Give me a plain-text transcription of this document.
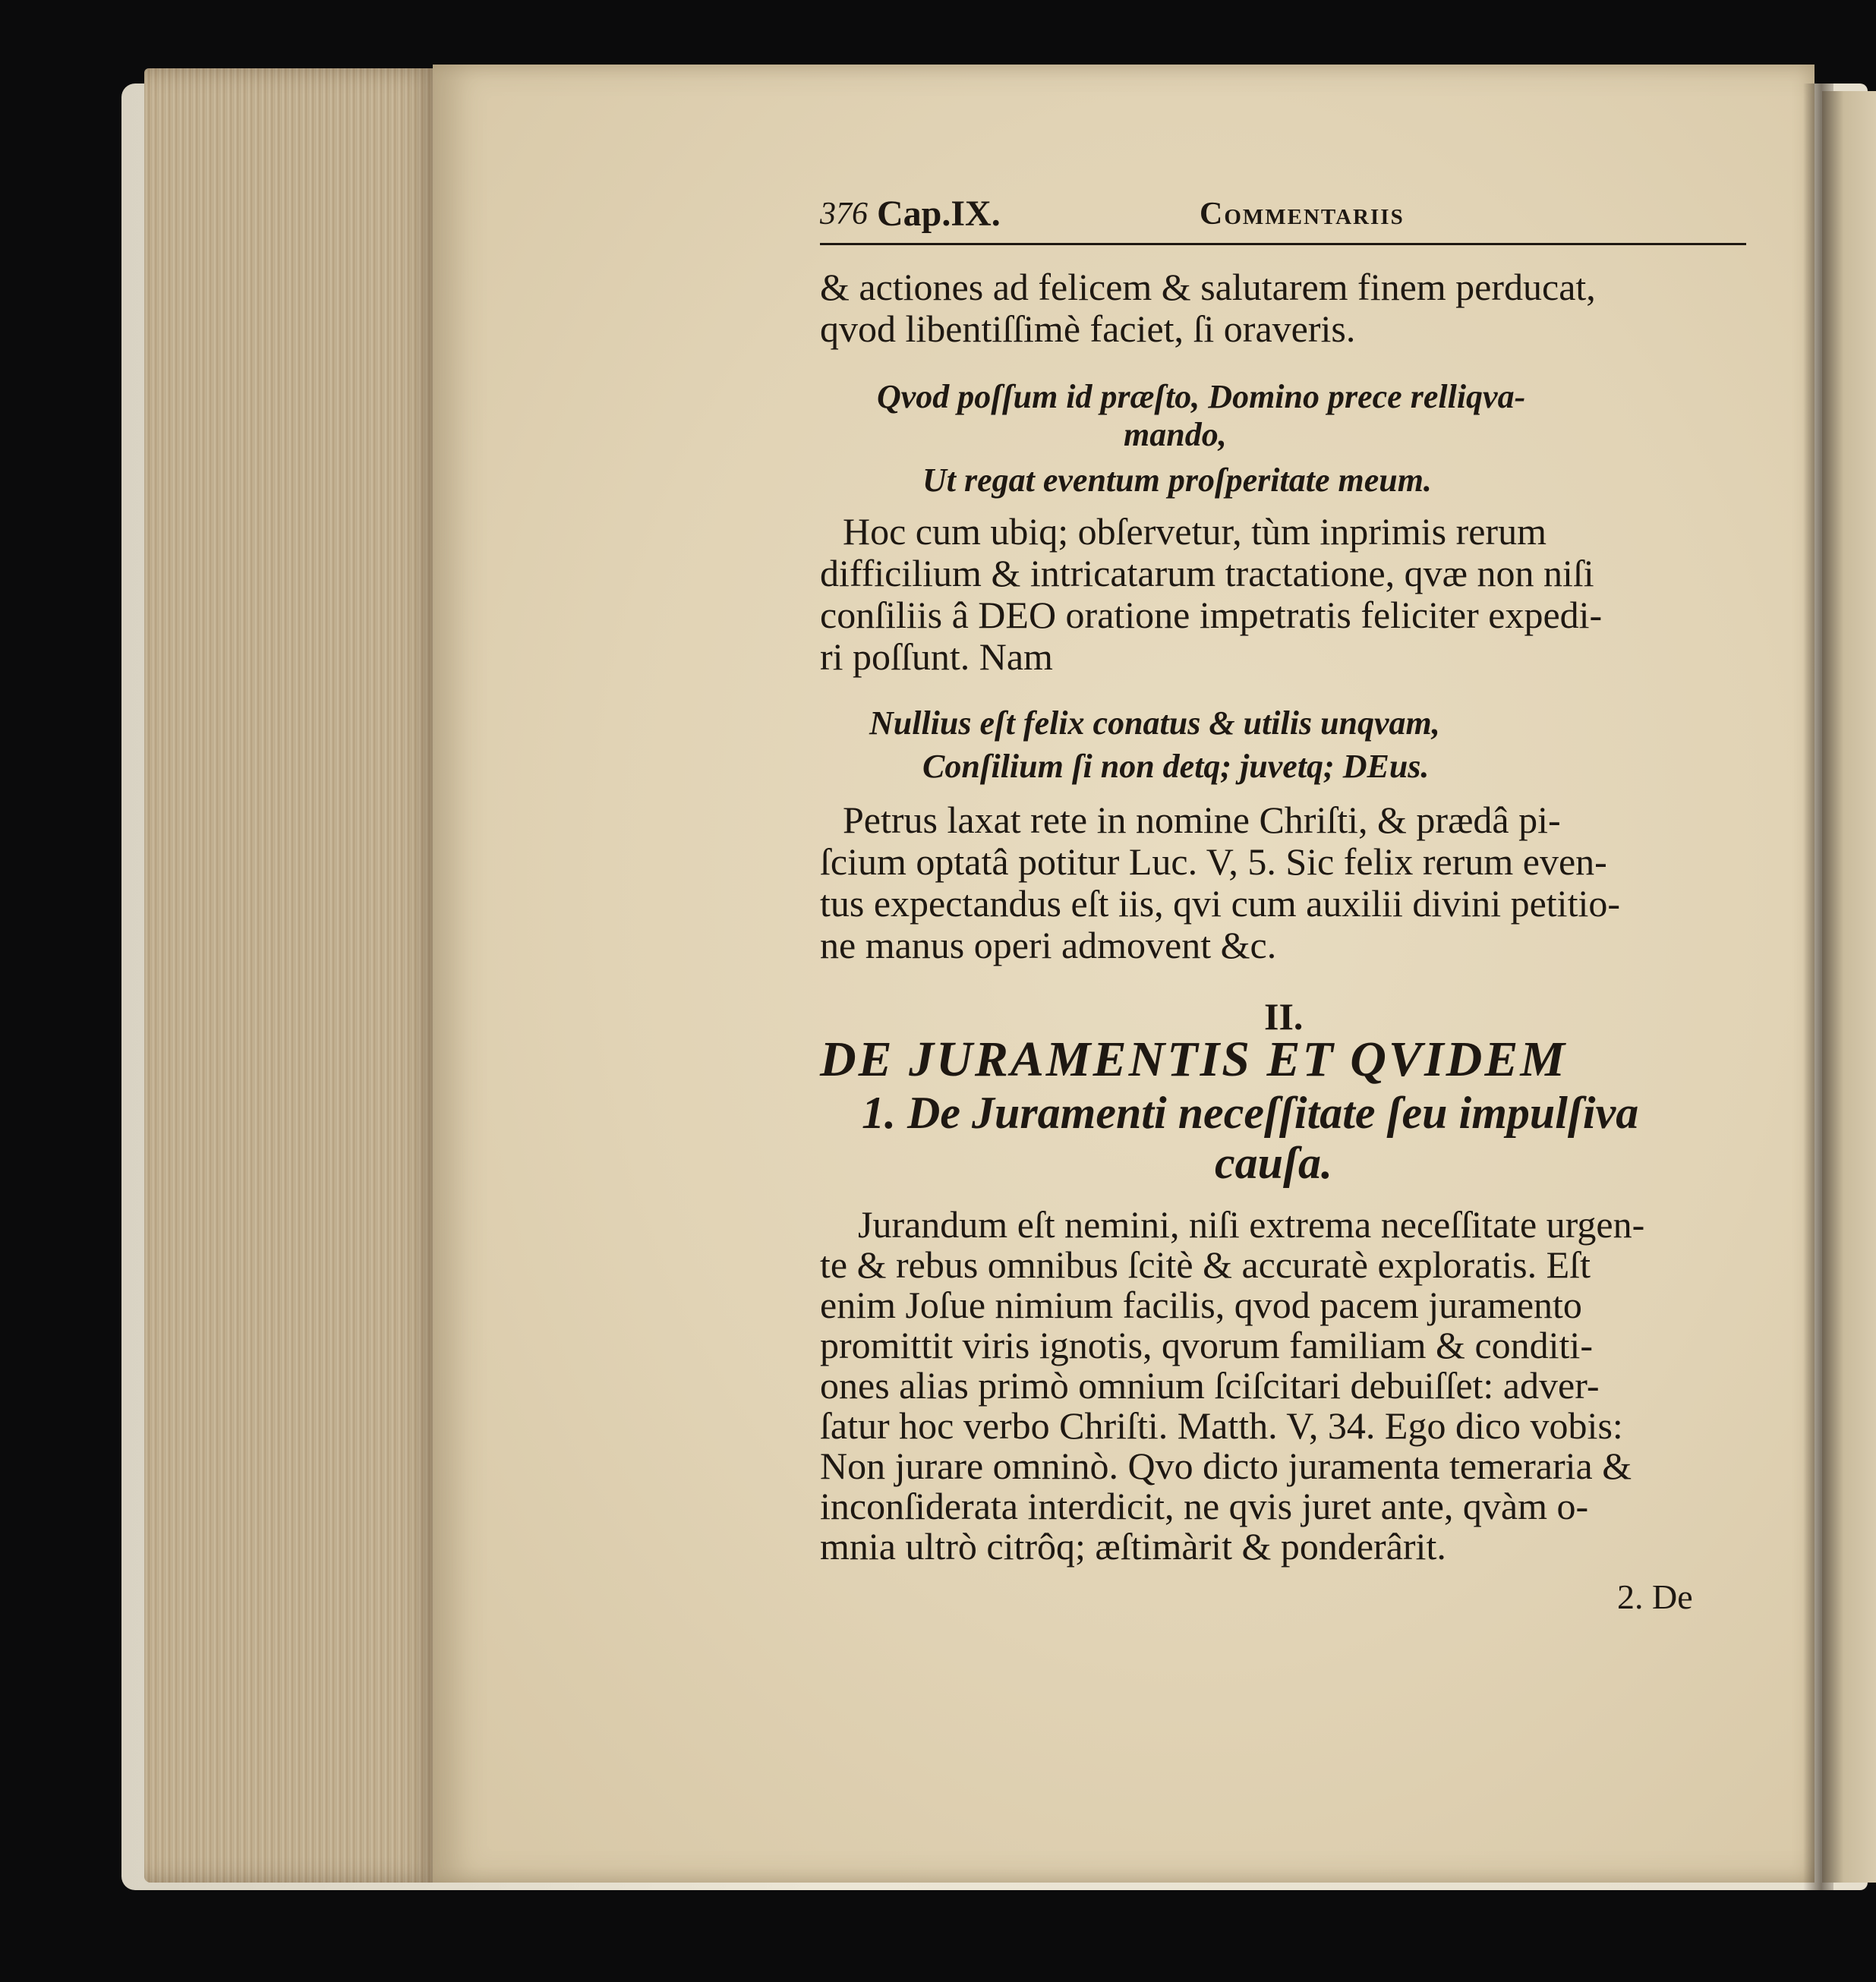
376 Cap.IX.	Commentariis
& actiones ad felicem & salutarem finem perducat,
qvod libentiſſimè faciet, ſi oraveris.
Qvod poſſum id præſto, Domino prece relliqva-
mando,
Ut regat eventum proſperitate meum.
Hoc cum ubiq; obſervetur, tùm inprimis rerum
difficilium & intricatarum tractatione, qvæ non niſi
conſiliis â DEO oratione impetratis feliciter expedi-
ri poſſunt. Nam
Nullius eſt felix conatus & utilis unqvam,
Conſilium ſi non detq; juvetq; DEus.
Petrus laxat rete in nomine Chriſti, & prædâ pi-
ſcium optatâ potitur Luc. V, 5. Sic felix rerum even-
tus expectandus eſt iis, qvi cum auxilii divini petitio-
ne manus operi admovent &c.
II.
DE JURAMENTIS ET QVIDEM
1. De Juramenti neceſſitate ſeu impulſiva
cauſa.
Jurandum eſt nemini, niſi extrema neceſſitate urgen-
te & rebus omnibus ſcitè & accuratè exploratis. Eſt
enim Joſue nimium facilis, qvod pacem juramento
promittit viris ignotis, qvorum familiam & conditi-
ones alias primò omnium ſciſcitari debuiſſet: adver-
ſatur hoc verbo Chriſti. Matth. V, 34. Ego dico vobis:
Non jurare omninò. Qvo dicto juramenta temeraria &
inconſiderata interdicit, ne qvis juret ante, qvàm o-
mnia ultrò citrôq; æſtimàrit & ponderârit.
2. De
